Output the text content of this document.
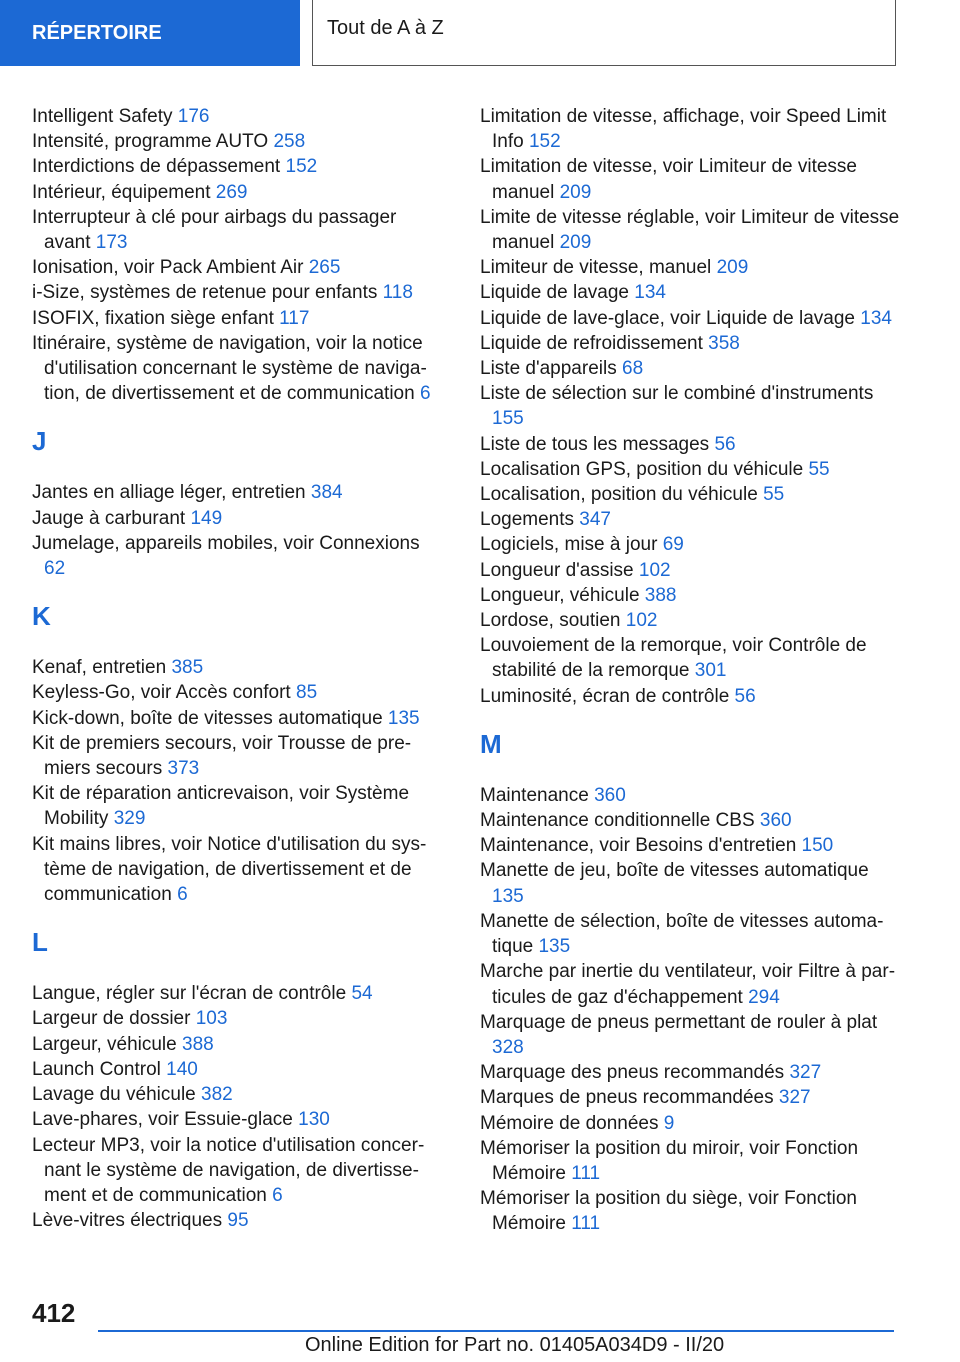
RÉPERTOIRE	Tout de A à Z
Intelligent Safety 176
Intensité, programme AUTO 258
Interdictions de dépassement 152
Intérieur, équipement 269
Interrupteur à clé pour airbags du passager avant 173
Ionisation, voir Pack Ambient Air 265
i-Size, systèmes de retenue pour enfants 118
ISOFIX, fixation siège enfant 117
Itinéraire, système de navigation, voir la notice d'utilisation concernant le système de navigation, de divertissement et de communication 6
J
Jantes en alliage léger, entretien 384
Jauge à carburant 149
Jumelage, appareils mobiles, voir Connexions 62
K
Kenaf, entretien 385
Keyless-Go, voir Accès confort 85
Kick-down, boîte de vitesses automatique 135
Kit de premiers secours, voir Trousse de premiers secours 373
Kit de réparation anticrevaison, voir Système Mobility 329
Kit mains libres, voir Notice d'utilisation du système de navigation, de divertissement et de communication 6
L
Langue, régler sur l'écran de contrôle 54
Largeur de dossier 103
Largeur, véhicule 388
Launch Control 140
Lavage du véhicule 382
Lave-phares, voir Essuie-glace 130
Lecteur MP3, voir la notice d'utilisation concernant le système de navigation, de divertissement et de communication 6
Lève-vitres électriques 95
Limitation de vitesse, affichage, voir Speed Limit Info 152
Limitation de vitesse, voir Limiteur de vitesse manuel 209
Limite de vitesse réglable, voir Limiteur de vitesse manuel 209
Limiteur de vitesse, manuel 209
Liquide de lavage 134
Liquide de lave-glace, voir Liquide de lavage 134
Liquide de refroidissement 358
Liste d'appareils 68
Liste de sélection sur le combiné d'instruments 155
Liste de tous les messages 56
Localisation GPS, position du véhicule 55
Localisation, position du véhicule 55
Logements 347
Logiciels, mise à jour 69
Longueur d'assise 102
Longueur, véhicule 388
Lordose, soutien 102
Louvoiement de la remorque, voir Contrôle de stabilité de la remorque 301
Luminosité, écran de contrôle 56
M
Maintenance 360
Maintenance conditionnelle CBS 360
Maintenance, voir Besoins d'entretien 150
Manette de jeu, boîte de vitesses automatique 135
Manette de sélection, boîte de vitesses automatique 135
Marche par inertie du ventilateur, voir Filtre à particules de gaz d'échappement 294
Marquage de pneus permettant de rouler à plat 328
Marquage des pneus recommandés 327
Marques de pneus recommandées 327
Mémoire de données 9
Mémoriser la position du miroir, voir Fonction Mémoire 111
Mémoriser la position du siège, voir Fonction Mémoire 111
412
Online Edition for Part no. 01405A034D9 - II/20
